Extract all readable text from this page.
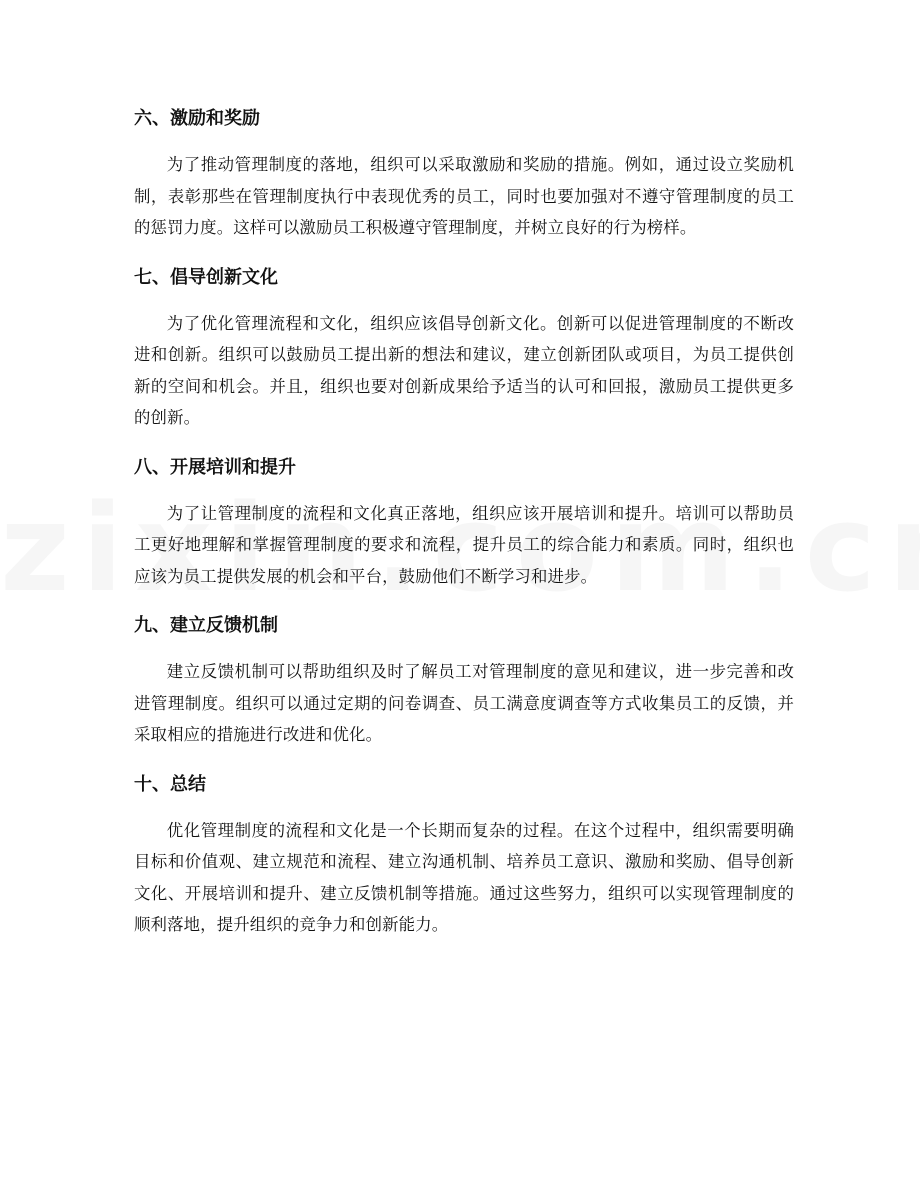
六、激励和奖励

为了推动管理制度的落地，组织可以采取激励和奖励的措施。例如，通过设立奖励机制，表彰那些在管理制度执行中表现优秀的员工，同时也要加强对不遵守管理制度的员工的惩罚力度。这样可以激励员工积极遵守管理制度，并树立良好的行为榜样。

七、倡导创新文化

为了优化管理流程和文化，组织应该倡导创新文化。创新可以促进管理制度的不断改进和创新。组织可以鼓励员工提出新的想法和建议，建立创新团队或项目，为员工提供创新的空间和机会。并且，组织也要对创新成果给予适当的认可和回报，激励员工提供更多的创新。

八、开展培训和提升

为了让管理制度的流程和文化真正落地，组织应该开展培训和提升。培训可以帮助员工更好地理解和掌握管理制度的要求和流程，提升员工的综合能力和素质。同时，组织也应该为员工提供发展的机会和平台，鼓励他们不断学习和进步。

九、建立反馈机制

建立反馈机制可以帮助组织及时了解员工对管理制度的意见和建议，进一步完善和改进管理制度。组织可以通过定期的问卷调查、员工满意度调查等方式收集员工的反馈，并采取相应的措施进行改进和优化。

十、总结

优化管理制度的流程和文化是一个长期而复杂的过程。在这个过程中，组织需要明确目标和价值观、建立规范和流程、建立沟通机制、培养员工意识、激励和奖励、倡导创新文化、开展培训和提升、建立反馈机制等措施。通过这些努力，组织可以实现管理制度的顺利落地，提升组织的竞争力和创新能力。
